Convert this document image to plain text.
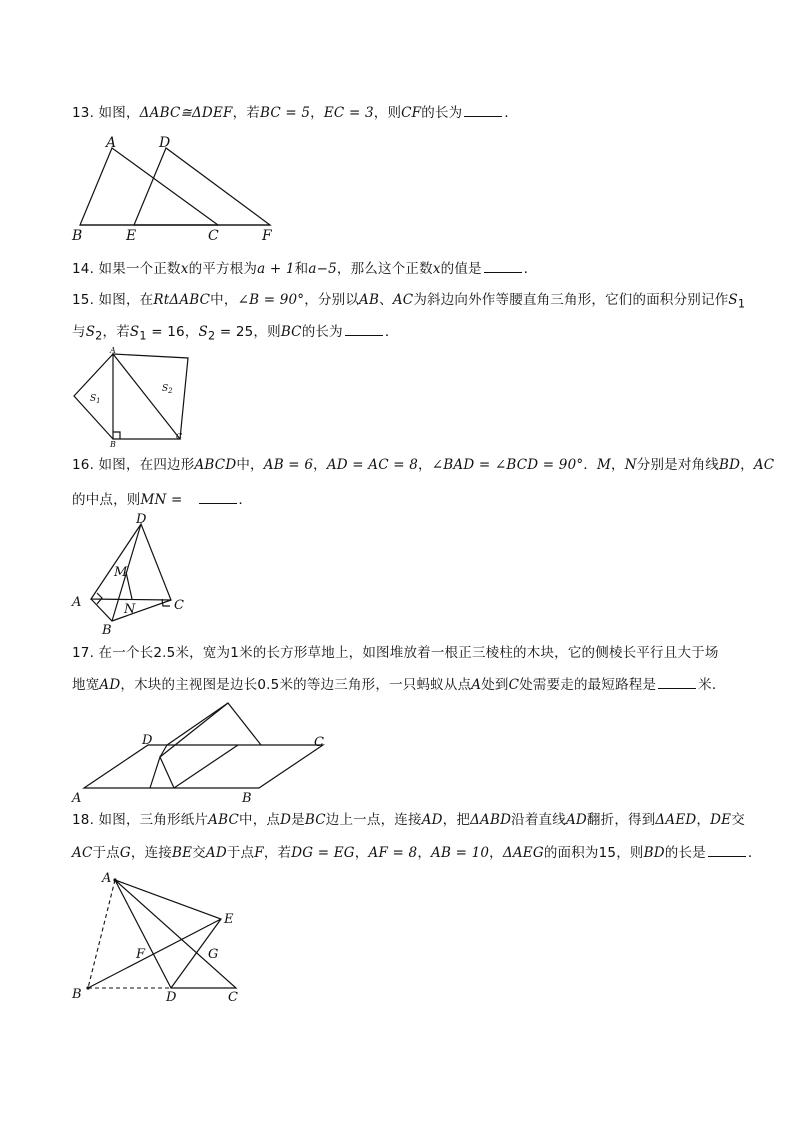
13. 如图，ΔABC≅ΔDEF，若BC = 5，EC = 3，则CF的长为	．
A	D
B	E	C	F
14. 如果一个正数x的平方根为a + 1和a−5，那么这个正数x的值是	．
15. 如图，在RtΔABC中，∠B = 90°，分别以AB、AC为斜边向外作等腰直角三角形，它们的面积分别记作$S_1$
与$S_2$，若$S_1 = 16$，$S_2 = 25$，则BC的长为	．
A
B
C
$S_1$
$S_2$
16. 如图，在四边形ABCD中，AB = 6，AD = AC = 8，∠BAD = ∠BCD = 90°．M，N分别是对角线BD，AC
的中点，则MN =	．
D
M
A	N	C
B
17. 在一个长2.5米，宽为1米的长方形草地上，如图堆放着一根正三棱柱的木块，它的侧棱长平行且大于场
地宽AD，木块的主视图是边长0.5米的等边三角形，一只蚂蚁从点A处到C处需要走的最短路程是	米．
D	C
A	B
18. 如图，三角形纸片ABC中，点D是BC边上一点，连接AD，把ΔABD沿着直线AD翻折，得到ΔAED，DE交
AC于点G，连接BE交AD于点F，若DG = EG，AF = 8，AB = 10，ΔAEG的面积为15，则BD的长是	．
A
E
F	G
B	D	C
